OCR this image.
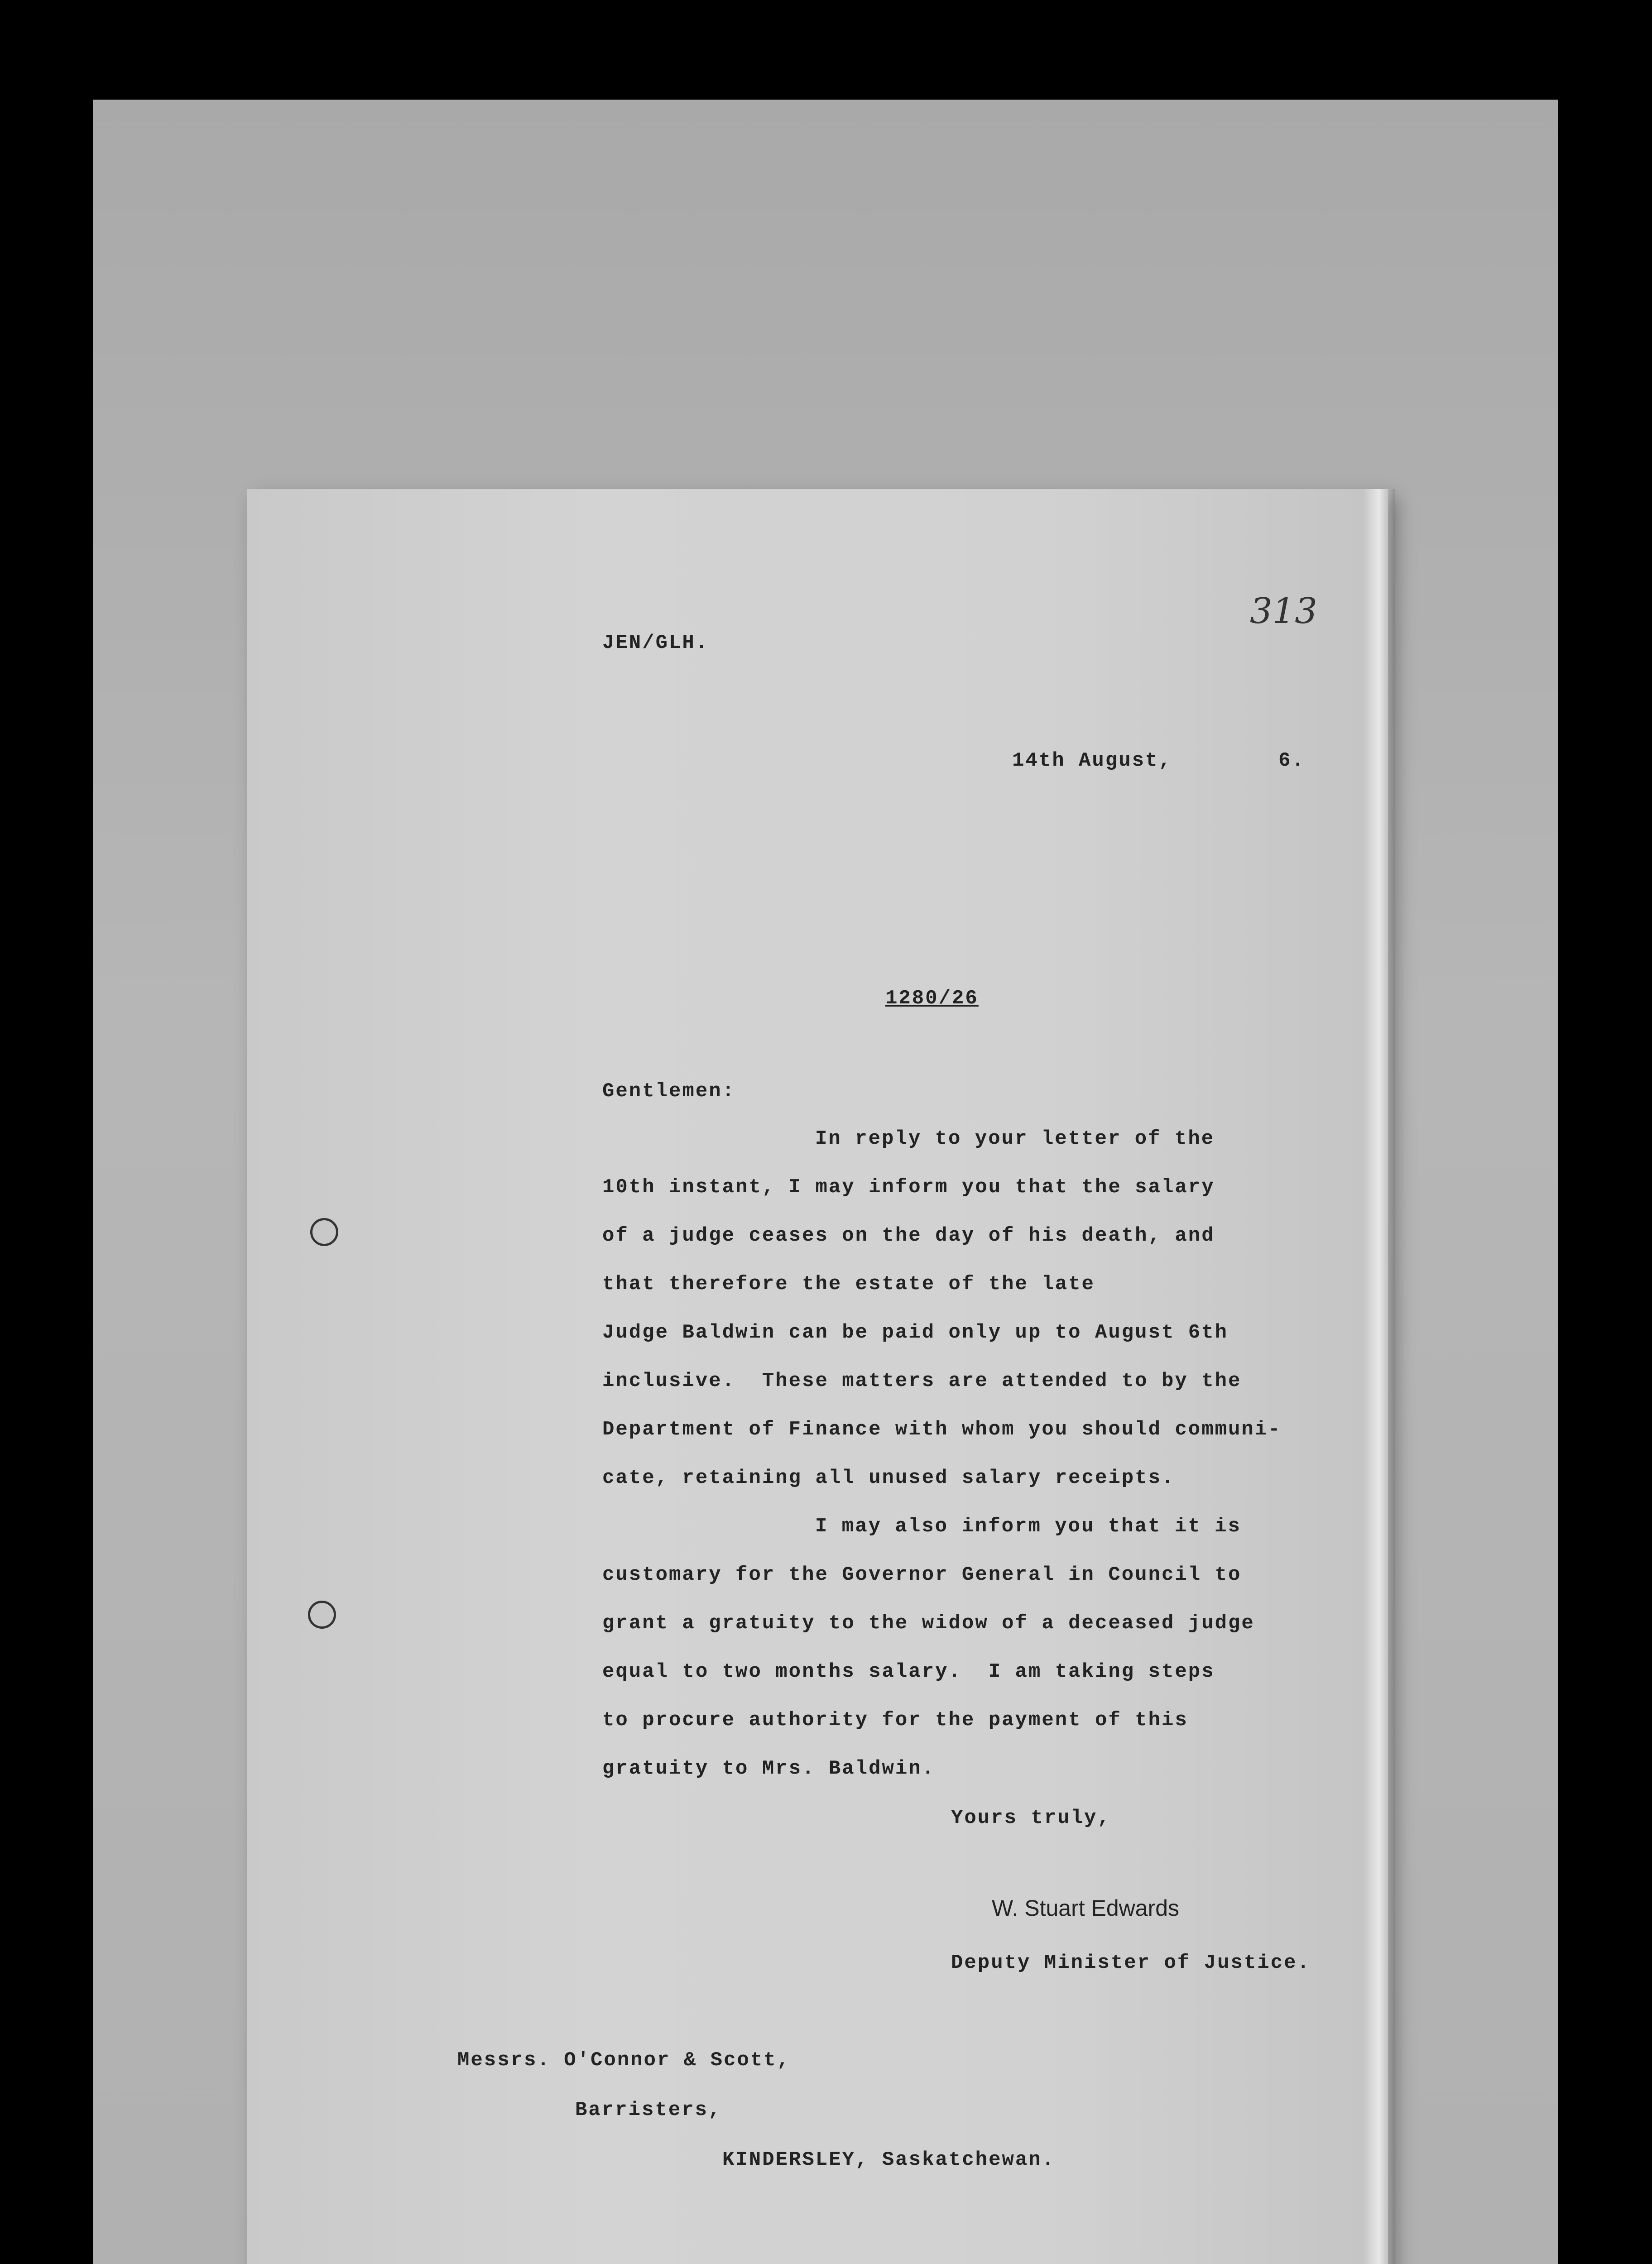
JEN/GLH.
313
14th August,        6.
1280/26
Gentlemen:
In reply to your letter of the
10th instant, I may inform you that the salary
of a judge ceases on the day of his death, and
that therefore the estate of the late
Judge Baldwin can be paid only up to August 6th
inclusive.  These matters are attended to by the
Department of Finance with whom you should communi-
cate, retaining all unused salary receipts.
I may also inform you that it is
customary for the Governor General in Council to
grant a gratuity to the widow of a deceased judge
equal to two months salary.  I am taking steps
to procure authority for the payment of this
gratuity to Mrs. Baldwin.
Yours truly,
W. Stuart Edwards
Deputy Minister of Justice.
Messrs. O'Connor & Scott,
Barristers,
KINDERSLEY, Saskatchewan.
